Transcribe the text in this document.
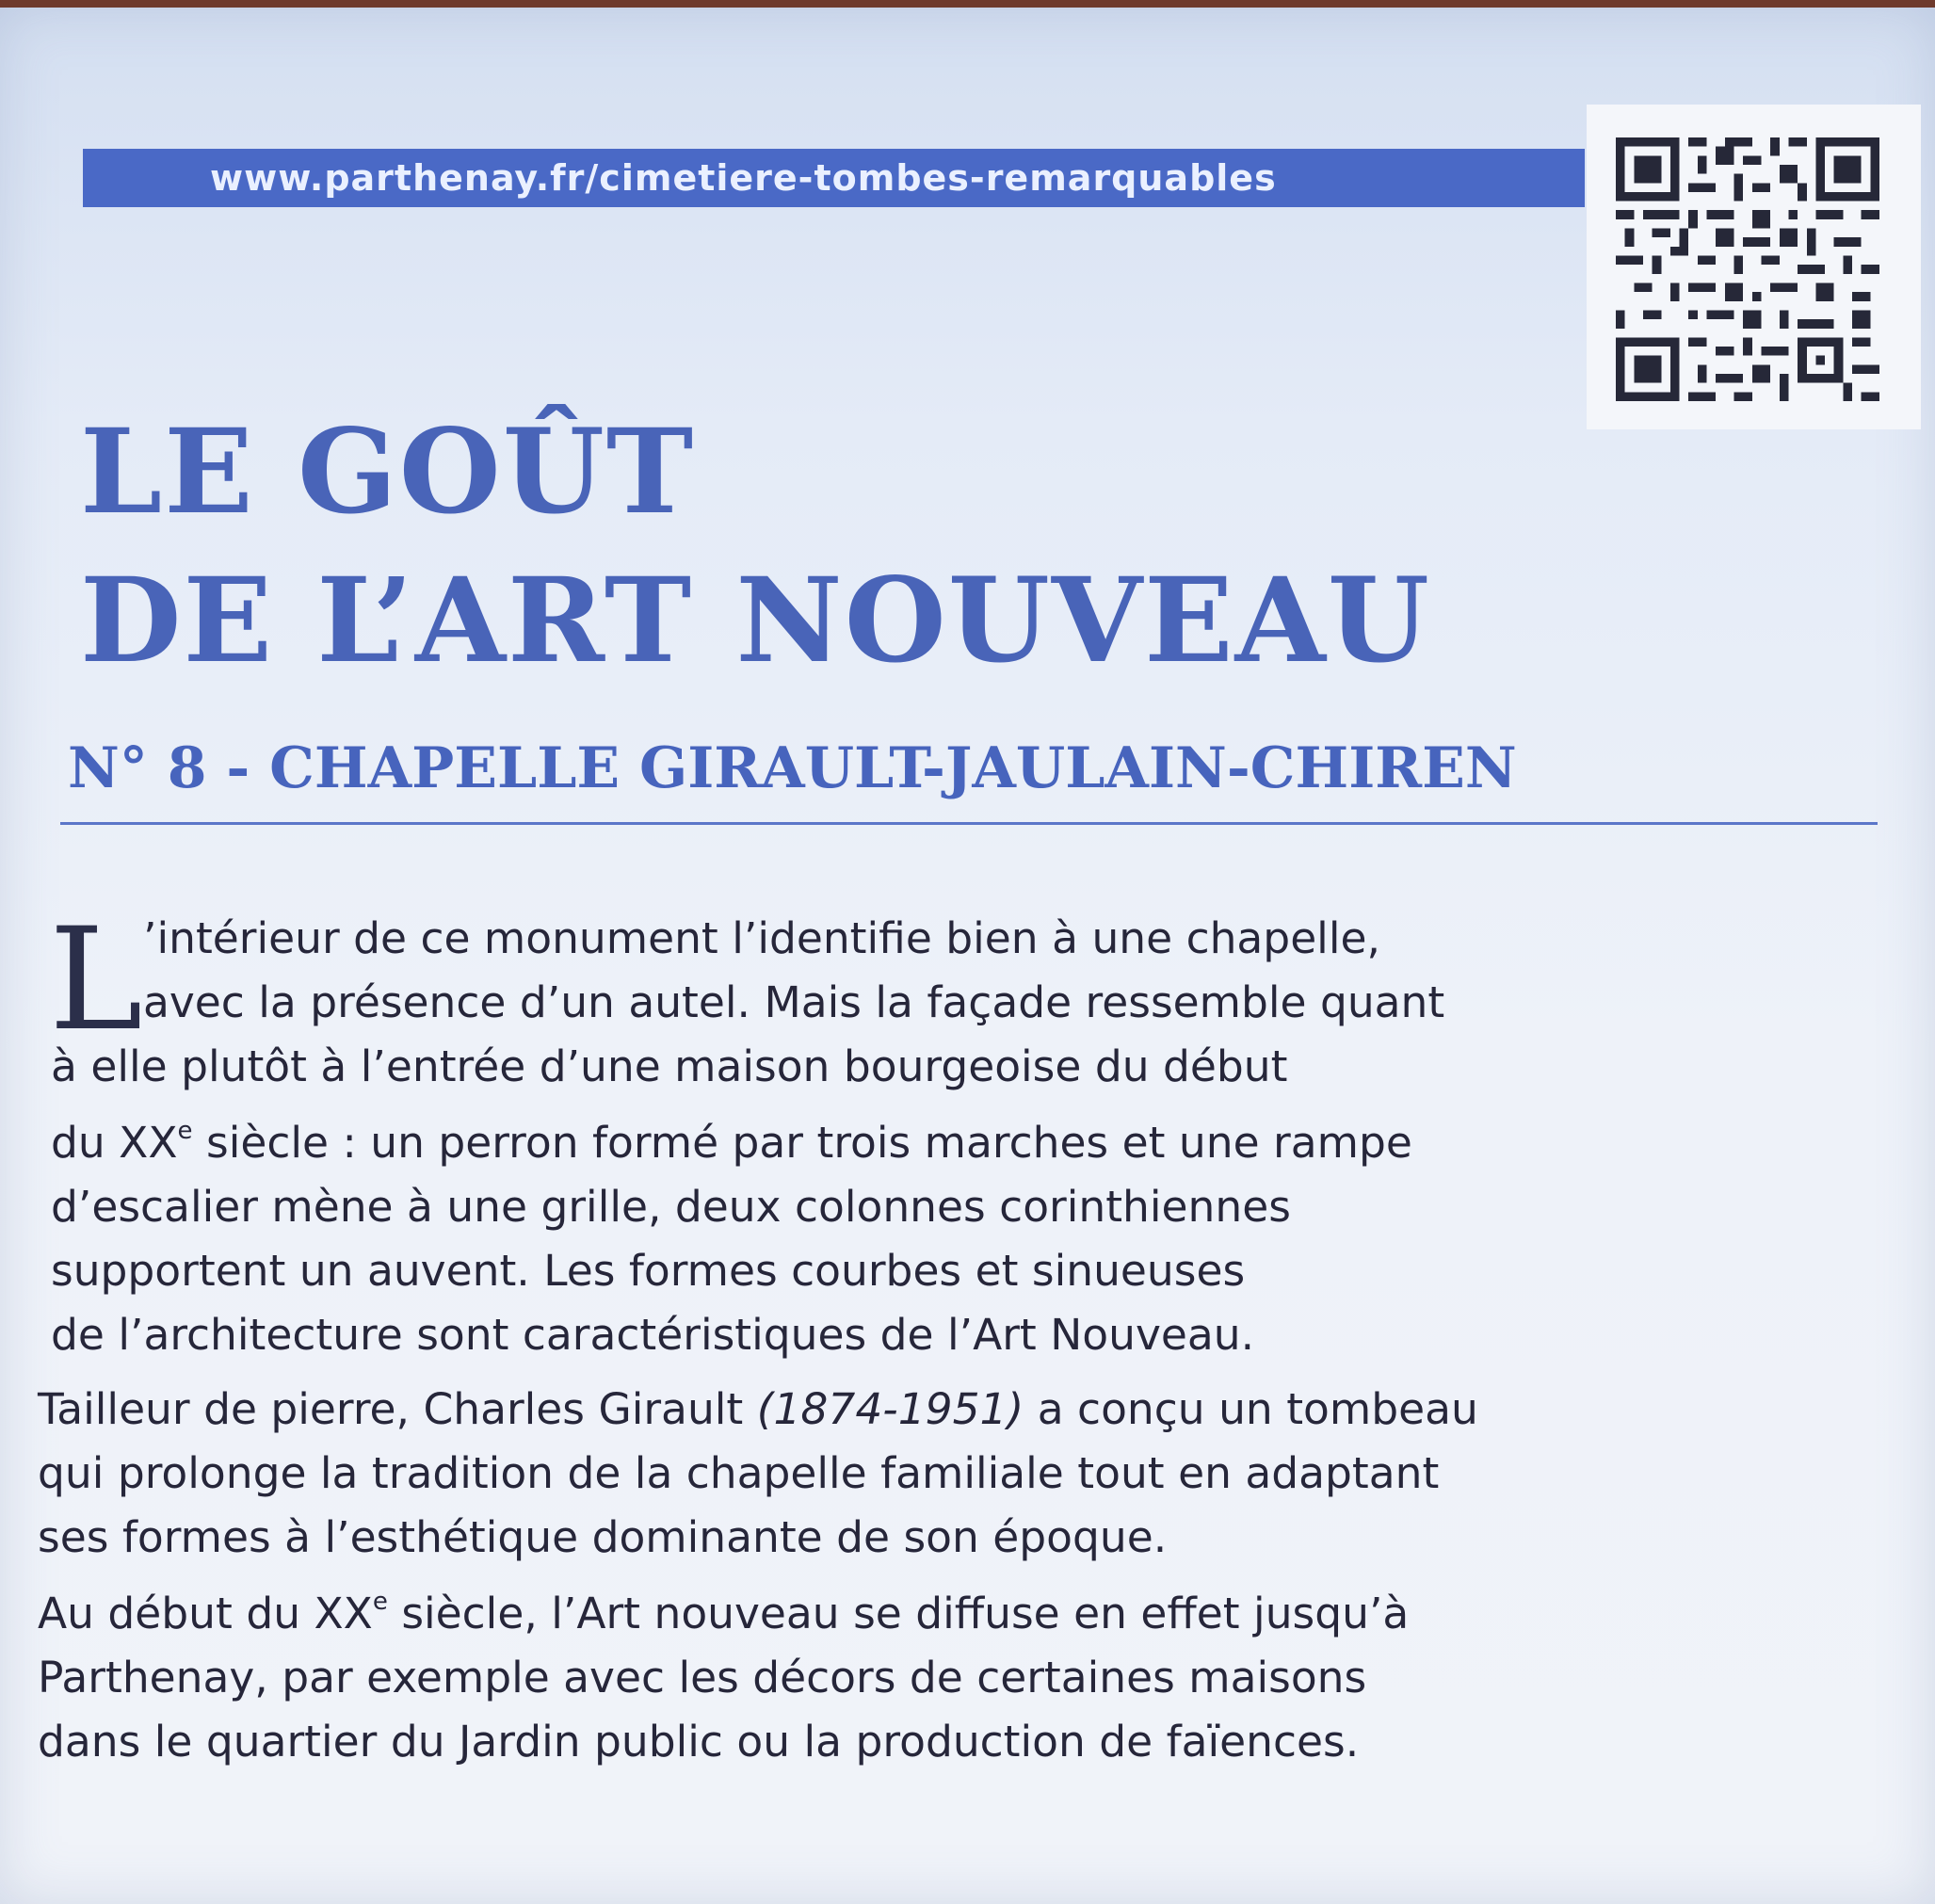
www.parthenay.fr/cimetiere-tombes-remarquables
LE GOÛT
DE L’ART NOUVEAU
N° 8 - CHAPELLE GIRAULT-JAULAIN-CHIREN
L ’intérieur de ce monument l’identifie bien à une chapelle,
avec la présence d’un autel. Mais la façade ressemble quant
à elle plutôt à l’entrée d’une maison bourgeoise du début
du XXe siècle : un perron formé par trois marches et une rampe
d’escalier mène à une grille, deux colonnes corinthiennes
supportent un auvent. Les formes courbes et sinueuses
de l’architecture sont caractéristiques de l’Art Nouveau.
Tailleur de pierre, Charles Girault (1874-1951) a conçu un tombeau
qui prolonge la tradition de la chapelle familiale tout en adaptant
ses formes à l’esthétique dominante de son époque.
Au début du XXe siècle, l’Art nouveau se diffuse en effet jusqu’à
Parthenay, par exemple avec les décors de certaines maisons
dans le quartier du Jardin public ou la production de faïences.
